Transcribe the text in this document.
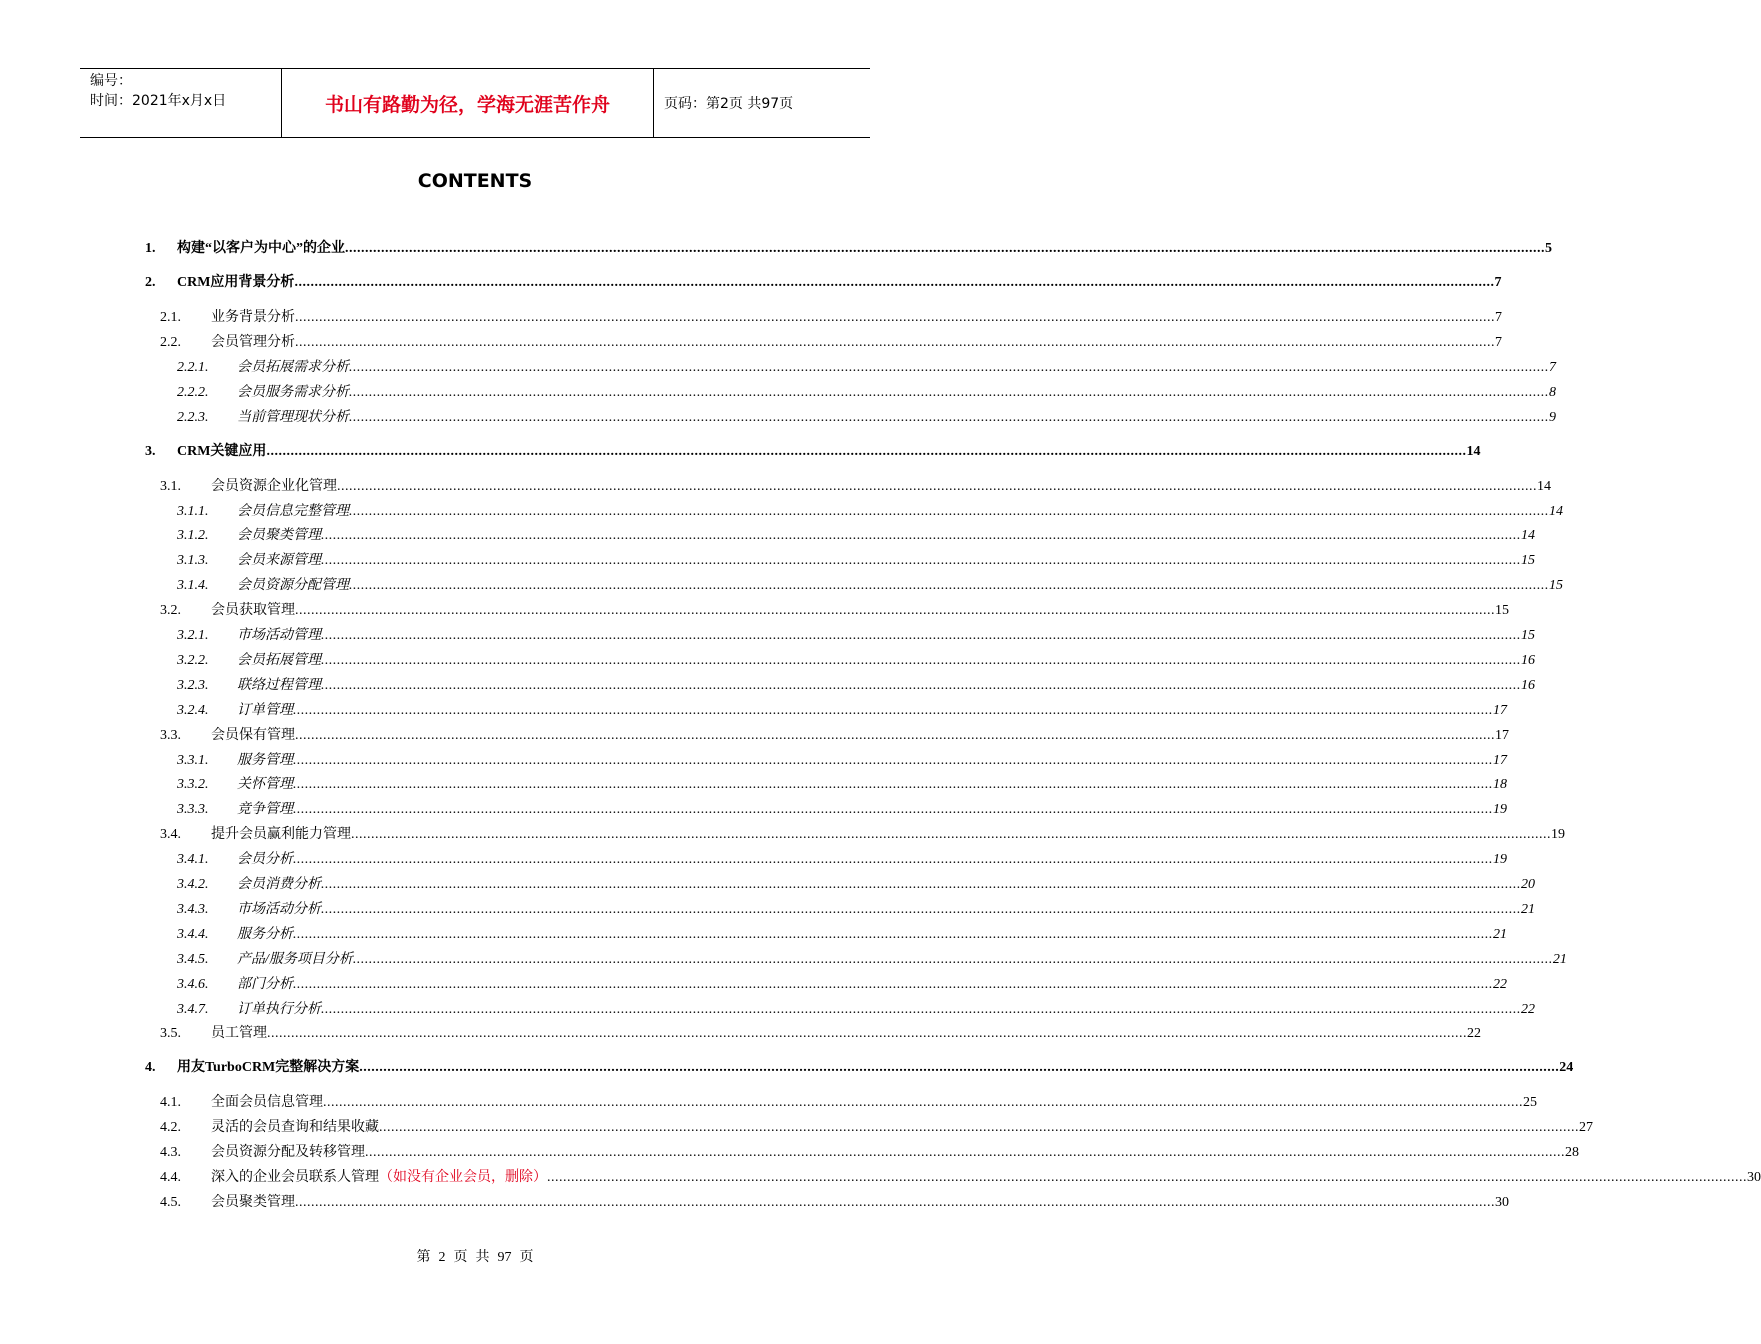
编号：
时间：2021年x月x日	书山有路勤为径，学海无涯苦作舟	页码：第2页 共97页
CONTENTS
1. 构建“以客户为中心”的企业 ............................................................................................................................................................................................................................................................................................................ 5
2. CRM应用背景分析 ............................................................................................................................................................................................................................................................................................................ 7
2.1. 业务背景分析 ............................................................................................................................................................................................................................................................................................................ 7
2.2. 会员管理分析 ............................................................................................................................................................................................................................................................................................................ 7
2.2.1. 会员拓展需求分析 ............................................................................................................................................................................................................................................................................................................ 7
2.2.2. 会员服务需求分析 ............................................................................................................................................................................................................................................................................................................ 8
2.2.3. 当前管理现状分析 ............................................................................................................................................................................................................................................................................................................ 9
3. CRM关键应用 ............................................................................................................................................................................................................................................................................................................ 14
3.1. 会员资源企业化管理 ............................................................................................................................................................................................................................................................................................................ 14
3.1.1. 会员信息完整管理 ............................................................................................................................................................................................................................................................................................................ 14
3.1.2. 会员聚类管理 ............................................................................................................................................................................................................................................................................................................ 14
3.1.3. 会员来源管理 ............................................................................................................................................................................................................................................................................................................ 15
3.1.4. 会员资源分配管理 ............................................................................................................................................................................................................................................................................................................ 15
3.2. 会员获取管理 ............................................................................................................................................................................................................................................................................................................ 15
3.2.1. 市场活动管理 ............................................................................................................................................................................................................................................................................................................ 15
3.2.2. 会员拓展管理 ............................................................................................................................................................................................................................................................................................................ 16
3.2.3. 联络过程管理 ............................................................................................................................................................................................................................................................................................................ 16
3.2.4. 订单管理 ............................................................................................................................................................................................................................................................................................................ 17
3.3. 会员保有管理 ............................................................................................................................................................................................................................................................................................................ 17
3.3.1. 服务管理 ............................................................................................................................................................................................................................................................................................................ 17
3.3.2. 关怀管理 ............................................................................................................................................................................................................................................................................................................ 18
3.3.3. 竞争管理 ............................................................................................................................................................................................................................................................................................................ 19
3.4. 提升会员赢利能力管理 ............................................................................................................................................................................................................................................................................................................ 19
3.4.1. 会员分析 ............................................................................................................................................................................................................................................................................................................ 19
3.4.2. 会员消费分析 ............................................................................................................................................................................................................................................................................................................ 20
3.4.3. 市场活动分析 ............................................................................................................................................................................................................................................................................................................ 21
3.4.4. 服务分析 ............................................................................................................................................................................................................................................................................................................ 21
3.4.5. 产品/服务项目分析 ............................................................................................................................................................................................................................................................................................................ 21
3.4.6. 部门分析 ............................................................................................................................................................................................................................................................................................................ 22
3.4.7. 订单执行分析 ............................................................................................................................................................................................................................................................................................................ 22
3.5. 员工管理 ............................................................................................................................................................................................................................................................................................................ 22
4. 用友TurboCRM完整解决方案 ............................................................................................................................................................................................................................................................................................................ 24
4.1. 全面会员信息管理 ............................................................................................................................................................................................................................................................................................................ 25
4.2. 灵活的会员查询和结果收藏 ............................................................................................................................................................................................................................................................................................................ 27
4.3. 会员资源分配及转移管理 ............................................................................................................................................................................................................................................................................................................ 28
4.4. 深入的企业会员联系人管理 （如没有企业会员，删除） ............................................................................................................................................................................................................................................................................................................ 30
4.5. 会员聚类管理 ............................................................................................................................................................................................................................................................................................................ 30
第 2 页 共 97 页
